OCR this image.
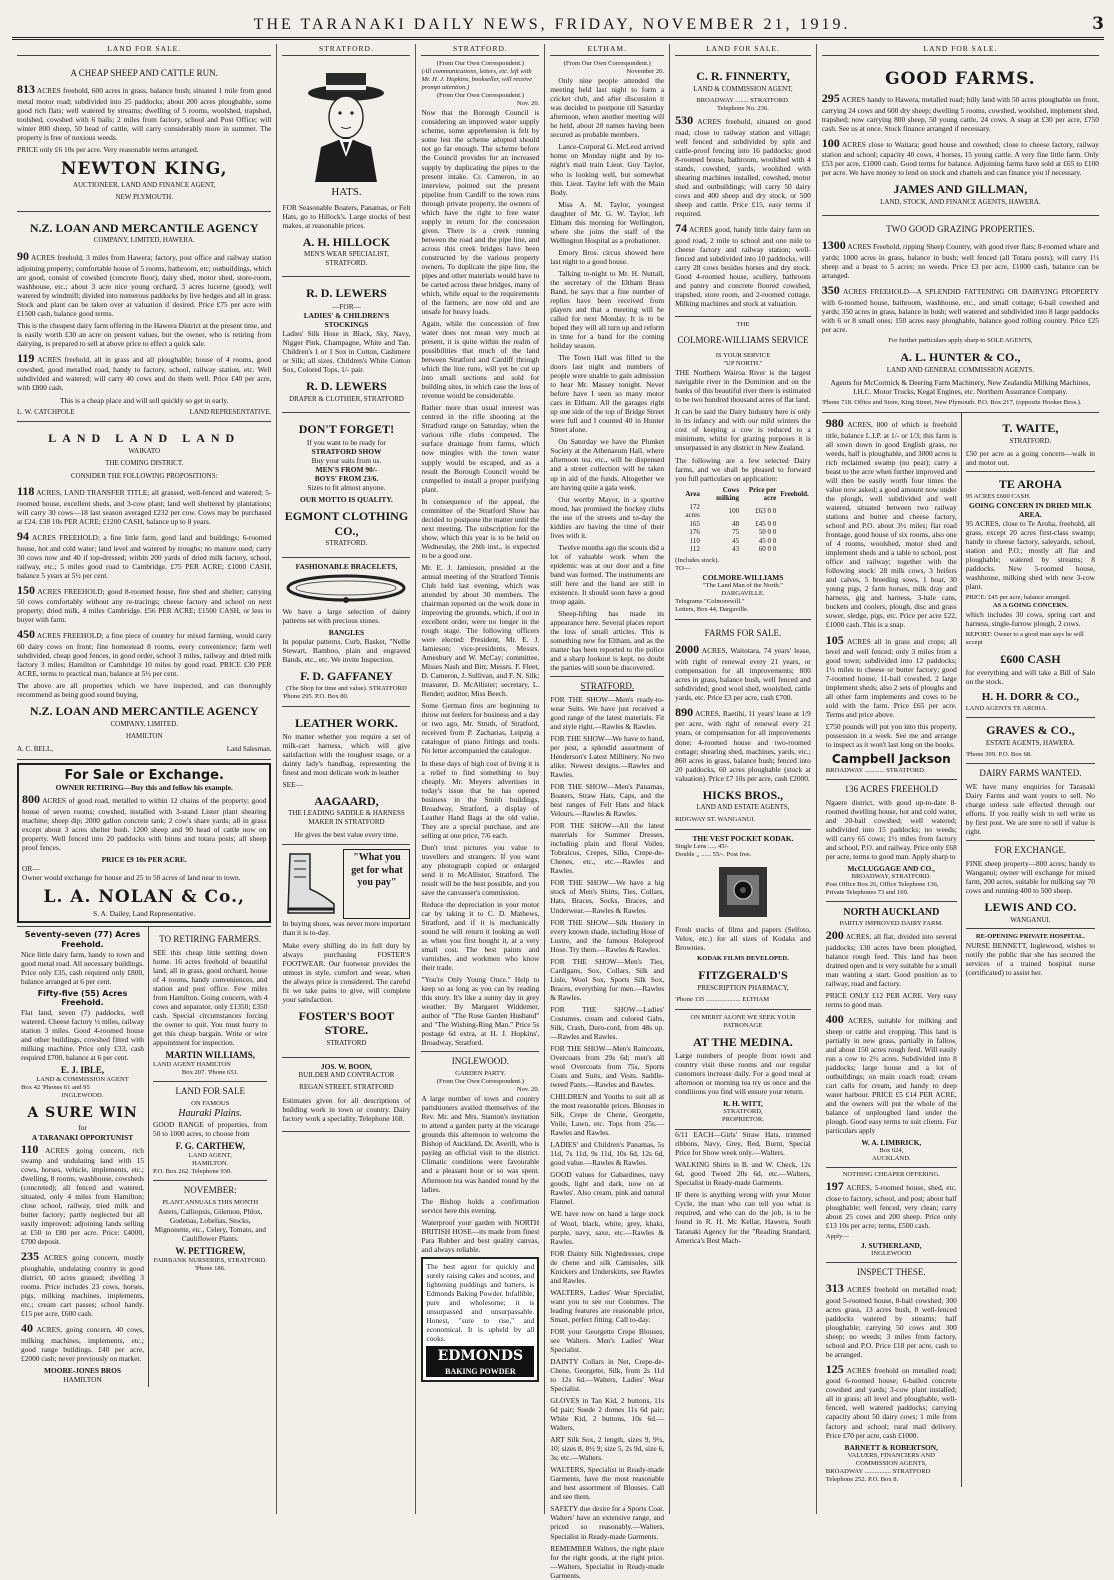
THE TARANAKI DAILY NEWS, FRIDAY, NOVEMBER 21, 1919.	3
LAND FOR SALE.
A CHEAP SHEEP AND CATTLE RUN.

813 ACRES freehold, 600 acres in grass, balance bush; situated 1 mile from good metal motor road; subdivided into 25 paddocks; about 200 acres ploughable, some good rich flats; well watered by streams; dwelling of 5 rooms, woolshed, trapshed, toolshed, cowshed with 6 bails; 2 miles from factory, school and Post Office; will winter 800 sheep, 50 head of cattle, will carry considerably more in summer. The property is free of noxious weeds.

PRICE only £6 10s per acre. Very reasonable terms arranged.

NEWTON KING,
AUCTIONEER, LAND AND FINANCE AGENT,
NEW PLYMOUTH.
N.Z. LOAN AND MERCANTILE AGENCY
COMPANY, LIMITED, HAWERA.

90 ACRES freehold, 3 miles from Hawera; factory, post office and railway station adjoining property; comfortable house of 5 rooms, bathroom, etc; outbuildings, which are good, consist of cowshed (concrete floor), dairy shed, motor shed, store-room, washhouse, etc.; about 3 acre nice young orchard, 3 acres lucerne (good); well watered by windmill; divided into numerous paddocks by live hedges and all in grass. Stock and plant can be taken over at valuation if desired. Price £75 per acre with £1500 cash, balance good terms.

This is the cheapest dairy farm offering in the Hawera District at the present time, and is easily worth £30 an acre on present values, but the owner, who is retiring from dairying, is prepared to sell at above price to effect a quick sale.

119 ACRES freehold, all in grass and all ploughable; house of 4 rooms, good cowshed, good metalled road, handy to factory, school, railway station, etc. Well subdivided and watered; will carry 40 cows and do them well. Price £40 per acre, with £800 cash.

This is a cheap place and will sell quickly so get in early.

L. W. CATCHPOLE	LAND REPRESENTATIVE.
LAND LAND LAND
WAIKATO
THE COMING DISTRICT.
CONSIDER THE FOLLOWING PROPOSITIONS:

118 ACRES, LAND TRANSFER TITLE; all grassed, well-fenced and watered; 5-roomed house, excellent sheds, and 3-cow plant; land well sheltered by plantations; will carry 30 cows—18 last season averaged £232 per cow. Cows may be purchased at £24. £38 10s PER ACRE; £1200 CASH, balance up to 8 years.

94 ACRES FREEHOLD; a fine little farm, good land and buildings; 6-roomed house, hot and cold water; land level and watered by troughs; no manure used; carry 30 cows now and 40 if top-dressed; within 200 yards of dried milk factory, school, railway, etc.; 5 miles good road to Cambridge. £75 PER ACRE; £1000 CASH, balance 5 years at 5½ per cent.

150 ACRES FREEHOLD; good 8-roomed house, fine shed and shelter; carrying 50 cows comfortably without any re-tracings; cheese factory and school on next property; dried milk, 4 miles Cambridge. £56 PER ACRE; £1500 CASH, or less to buyer with farm.

450 ACRES FREEHOLD; a fine piece of country for mixed farming, would carry 60 dairy cows on front; fine homestead 8 rooms, every convenience; farm well subdivided, cheap good fences, in good order, school 3 miles, railway and dried milk factory 3 miles; Hamilton or Cambridge 10 miles by good road. PRICE £30 PER ACRE, terms to practical man, balance at 5½ per cent.

The above are all properties which we have inspected, and can thoroughly recommend as being good sound buying.

N.Z. LOAN AND MERCANTILE AGENCY
COMPANY, LIMITED.
HAMILTON
A. C. BELL,	Land Salesman.
For Sale or Exchange.
OWNER RETIRING—Buy this and follow his example.

800 ACRES of good road, metalled to within 12 chains of the property; good house of seven rooms; cowshed, installed with 3-stand Lister plant shearing machine; sheep dip; 2000 gallon concrete tank; 2 cow's share yards; all in grass except about 3 acres shelter bush. 1200 sheep and 90 head of cattle now on property. Well fenced into 20 paddocks with binns and totara posts; all sheep proof fences.

PRICE £9 10s PER ACRE.
OR—

Owner would exchange for house and 25 to 50 acres of land near to town.

L. A. NOLAN & Co.,
S. A. Dailey, Land Representative.
Seventy-seven (77) Acres Freehold.

Nice little dairy farm, handy to town and good metal road. All necessary buildings. Price only £35, cash required only £800, balance arranged at 6 per cent.

Fifty-five (55) Acres Freehold.

Flat land, seven (7) paddocks, well watered. Cheese factory ½ miles, railway station 3 miles. Good 4-roomed house and other buildings, cowshed fitted with milking machine. Price only £33, cash required £700, balance at 6 per cent.

E. J. IBLE,
LAND & COMMISSION AGENT
Box 42 'Phones 61 and 95
INGLEWOOD.
A SURE WIN
for
A TARANAKI OPPORTUNIST

110 ACRES going concern, rich swamp and undulating land with 15 cows, horses, vehicle, implements, etc.; dwelling, 8 rooms, washhouse, cowsheds (concreted); all fenced and watered, situated, only 4 miles from Hamilton; close school, railway, tried milk and butter factory; partly neglected but all easily improved; adjoining lands selling at £50 to £80 per acre. Price: £4000, £700 deposit.

235 ACRES going concern, mostly ploughable, undulating country in good district, 60 acres grassed; dwelling 3 rooms. Price includes 23 cows, horses, pigs, milking machines, implements, etc.; cream cart passes; school handy. £15 per acre, £600 cash.

40 ACRES, going concern, 40 cows, milking machines, implements, etc.; good range buildings. £40 per acre, £2000 cash; never previously on market.

MOORE-JONES BROS
HAMILTON
TO RETIRING FARMERS.

SEE this cheap little settling down home. 16 acres freehold of beautiful land, all in grass, good orchard, house of 4 rooms, handy conveniences, and station and post office. Few miles from Hamilton. Going concern, with 4 cows and separator, only £1350; £350 cash. Special circumstances forcing the owner to quit. You must hurry to get this cheap bargain. Write or wire appointment for inspection.

MARTIN WILLIAMS,
LAND AGENT HAMILTON
Box 207. 'Phone 651.
LAND FOR SALE
ON FAMOUS
Hauraki Plains.

GOOD RANGE of properties, from 50 to 1000 acres, to choose from

F. G. CARTHEW,
LAND AGENT,
HAMILTON.
P.O. Box 262. Telephone 930.
NOVEMBER:
PLANT ANNUALS THIS MONTH

Asters, Calliopsis, Gilemon, Phlox, Godetias, Lobelias, Stocks, Mignonette, etc., Celery, Tomato, and Cauliflower Plants.

W. PETTIGREW,
FAIRBANK NURSERIES, STRATFORD.
'Phone 186.
STRATFORD.
HATS.

FOR Seasonable Boaters, Panamas, or Felt Hats, go to Hillock's. Large stocks of best makes, at reasonable prices.

A. H. HILLOCK
MEN'S WEAR SPECIALIST, STRATFORD.
R. D. LEWERS
—FOR—
LADIES' & CHILDREN'S STOCKINGS

Ladies' Silk Hose in Black, Sky, Navy, Nigger Pink, Champagne, White and Tan. Children's 1 or 1 Sox in Cotton, Cashmere or Silk; all sizes. Children's White Cotton Sox, Colored Tops, 1/- pair.

R. D. LEWERS
DRAPER & CLOTHIER, STRATFORD
DON'T FORGET!
If you want to be ready for
STRATFORD SHOW
Buy your suits from us.
MEN'S FROM 90/-
BOYS' FROM 23/6.
Sizes to fit almost anyone.
OUR MOTTO IS QUALITY.
EGMONT CLOTHING CO.,
STRATFORD.
FASHIONABLE BRACELETS,

We have a large selection of dainty patterns set with precious stones.

BANGLES

In popular patterns. Curb, Basket, "Nellie Stewart, Bamboo, plain and engraved Bands, etc., etc. We invite Inspection.

F. D. GAFFANEY
(The Shop for time and value). STRATFORD
'Phone 295. P.O. Box 80.
LEATHER WORK.

No matter whether you require a set of milk-cart harness, which will give satisfaction with the toughest usage, or a dainty lady's handbag, representing the finest and most delicate work in leather

SEE—
AAGAARD,
THE LEADING SADDLE & HARNESS MAKER IN STRATFORD
He gives the best value every time.
"What you get for what you pay"

In buying shoes, was never more important than it is to-day.

Make every shilling do its full duty by always purchasing FOSTER'S FOOTWEAR. Our footwear provides the utmost in style, comfort and wear, when the always price is considered. The careful fit we take pains to give, will complete your satisfaction.

FOSTER'S BOOT STORE.
STRATFORD
JOS. W. BOON,
BUILDER AND CONTRACTOR
REGAN STREET, STRATFORD

Estimates given for all descriptions of building work in town or country. Dairy factory work a speciality. Telephone 168.

STRATFORD.
(From Our Own Correspondent.)
(All communications, letters, etc. left with Mr. H. J. Hopkins, bookseller, will receive prompt attention.)
(From Our Own Correspondent.)
Nov. 20.

Now that the Borough Council is considering an improved water supply scheme, some apprehension is felt by some lest the scheme adopted should not go far enough. The scheme before the Council provides for an increased supply by duplicating the pipes to the present intake. Cr. Cameron, in an interview, pointed out the present pipeline from Cardiff to the town runs through private property, the owners of which have the right to free water supply in return for the concession given. There is a creek running between the road and the pipe line, and across this creek bridges have been constructed by the various property owners. To duplicate the pipe line, the pipes and other materials would have to be carted across these bridges, many of which, while equal to the requirements of the farmers, are now old and are unsafe for heavy loads.

Again, while the concession of free water does not mean very much at present, it is quite within the realm of possibilities that much of the land between Stratford and Cardiff through which the line runs, will yet be cut up into small sections and sold for building sites, in which case the loss of revenue would be considerable.

Rather more than usual interest was centred in the rifle shooting at the Stratford range on Saturday, when the various rifle clubs competed. The surface drainage from farms, which now mingles with the town water supply would be escaped, and as a result the Borough Council would be compelled to install a proper purifying plant.

In consequence of the appeal, the committee of the Stratford Show has decided to postpone the matter until the next meeting. The subscription for the show, which this year is to be held on Wednesday, the 26th inst., is expected to be a good one.

Mr. E. J. Jamieson, presided at the annual meeting of the Stratford Tennis Club held last evening, which was attended by about 30 members. The chairman reported on the work done in improving the grounds, which, if not in excellent order, were no longer in the rough stage. The following officers were elected: President, Mr. E. J. Jamieson; vice-presidents, Messrs. Amesbury and W. McCay; committee, Misses Nash and Birr, Messrs. F. Fleet, D. Cameron, J. Sullivan, and F. N. Silk; treasurer, D. McAllister; secretary, L. Render; auditor, Miss Beech.

Some German fires are beginning to throw out feelers for business and a day or two ago, Mr. Struth, of Stratford, received from P. Zacharias, Leipzig a catalogue of piano fittings and tools. No letter accompanied the catalogue.

In these days of high cost of living it is a relief to find something to buy cheaply. Mr. Meyers advertises in today's issue that he has opened business in the Smith buildings, Broadway, Stratford, a display of Leather Hand Bags at the old value. They are a special purchase, and are selling at one price, 7/6 each.

Don't trust pictures you value to travellers and strangers. If you want any photograph copied or enlarged send it to McAllister, Stratford. The result will be the best possible, and you save the canvasser's commission.

Reduce the depreciation in your motor car by taking it to C. D. Mathews, Stratford, and if it is mechanically sound he will return it looking as well as when you first bought it, at a very small cost. The best paints and varnishes, and workmen who know their trade.

"You're Only Young Once." Help to keep so as long as you can by reading this story. It's like a sunny day in grey weather. By Margaret Widdemer, author of "The Rose Garden Husband" and "The Wishing-Ring Man." Price 5s postage 6d extra, at H. J. Hopkins', Broadway, Stratford.

INGLEWOOD.
GARDEN PARTY.
(From Our Own Correspondent.)
Nov. 20.

A large number of town and country parishioners availed themselves of the Rev. Mr. and Mrs. Stanton's invitation to attend a garden party at the vicarage grounds this afternoon to welcome the Bishop of Auckland, Dr. Averill, who is paying an official visit to the district. Climatic conditions were favourable and a pleasant hour or so was spent. Afternoon tea was handed round by the ladies.

The Bishop holds a confirmation service here this evening.

Waterproof your garden with NORTH BRITISH HOSE—its made from finest Para Rubber and best quality canvas, and always reliable.

The best agent for quickly and surely raising cakes and scones, and lightening puddings and batters, is Edmonds Baking Powder. Infallible, pure and wholesome; it is unsurpassed and unsurpassable. Honest, "sure to rise," and economical. It is upheld by all cooks.

EDMONDS
BAKING POWDER
ELTHAM.
(From Our Own Correspondent.)
November 20.

Only nine people attended the meeting held last night to form a cricket club, and after discussion it was decided to postpone till Saturday afternoon, when another meeting will be held, about 20 names having been secured as probable members.

Lance-Corporal G. McLeod arrived home on Monday night and by to-night's mail train Lieut. Guy Taylor, who is looking well, but somewhat thin. Lieut. Taylor left with the Main Body.

Miss A. M. Taylor, youngest daughter of Mr. G. W. Taylor, left Eltham this morning for Wellington, where she joins the staff of the Wellington Hospital as a probationer.

Emory Bros. circus showed here last night to a good house.

Talking to-night to Mr. H. Nuttall, the secretary of the Eltham Brass Band, he says that a fine number of replies have been received from players and that a meeting will be called for next Monday. It is to be hoped they will all turn up and reform in time for a band for the coming holiday season.

The Town Hall was filled to the doors last night and numbers of people were unable to gain admission to hear Mr. Massey tonight. Never before have I seen so many motor cars in Eltham. All the garages right up one side of the top of Bridge Street were full and I counted 40 in Hunter Street alone.

On Saturday we have the Plunket Society at the Athenaeum Hall, where afternoon tea, etc., will be dispensed and a street collection will be taken up in aid of the funds. Altogether we are having quite a gala week.

Our worthy Mayor, in a sportive mood, has promised the hockey clubs the use of the streets and to-day the kiddies are having the time of their lives with it.

Twelve months ago the scouts did a lot of valuable work when the epidemic was at our door and a fine band was formed. The instruments are still here and the band are still in existence. It should soon have a good troop again.

Sheep-lifting has made its appearance here. Several places report the loss of small articles. This is something new for Eltham, and as the matter has been reported to the police and a sharp lookout is kept, no doubt the parties will soon be discovered.

STRATFORD.

FOR THE SHOW—Men's ready-to-wear Suits. We have just received a good range of the latest materials. Fit and style right.—Rawles & Rawles.

FOR THE SHOW—We have to hand, per post, a splendid assortment of Henderson's Latest Millinery. No two alike. Newest designs.—Rawles and Rawles.

FOR THE SHOW—Men's Panamas, Boaters, Straw Hats, Caps, and the best ranges of Felt Hats and black Velours.—Rawles & Rawles.

FOR THE SHOW—All the latest materials for Summer Dresses, including plain and floral Voiles, Tobralcos, Crepes, Silks, Crepe-de-Chenes, etc., etc.—Rawles and Rawles.

FOR THE SHOW—We have a big stock of Men's Shirts, Ties, Collars, Hats, Braces, Socks, Braces, and Underwear.—Rawles & Rawles.

FOR THE SHOW—Silk Hosiery in every known shade, including Hose of Lustre, and the famous Holeproof Hose. Try them.—Rawles & Rawles.

FOR THE SHOW—Men's Ties, Cardigans, Sox, Collars, Silk and Lisle, Wool Sox, Sports Silk Sox, Braces, everything for men.—Rawles & Rawles.

FOR THE SHOW—Ladies' Costumes, cream and colored Gabs, Silk, Crash, Duro-cord, from 48s up.—Rawles and Rawles.

FOR THE SHOW—Men's Raincoats, Overcoats from 29s 6d; men's all wool Overcoats from 75s, Sports Coats and Suits, and Vests. Saddle-tweed Pants.—Rawles and Rawles.

CHILDREN and Youths to suit all at the most reasonable prices. Blouses in Silk, Crepe de Chene, Georgette, Voile, Lawn, etc. Tops from 25s.—Rawles and Rawles.

LADIES' and Children's Panamas, 5s 11d, 7s 11d, 9s 11d, 10s 6d, 12s 6d, good value.—Rawles & Rawles.

GOOD values for Gabardines, navy goods, light and dark, now on at Rawles'. Also cream, pink and natural Flannel.

WE have now on hand a large stock of Wool, black, white, grey, khaki, purple, navy, saxe, etc.—Rawles & Rawles.

FOR Dainty Silk Nightdresses, crepe de chene and silk Camisoles, silk Knickers and Underskirts, see Rawles and Rawles.

WALTERS, Ladies' Wear Specialist, want you to see our Costumes. The leading features are reasonable price, Smart, perfect fitting. Call to-day.

FOR your Georgette Crepe Blouses, see Walters. Men's Ladies' Wear Specialist.

DAINTY Collars in Net, Crepe-de-Chene, Georgette, Silk, from 2s 11d to 12s 6d.—Walters, Ladies' Wear Specialist.

GLOVES in Tan Kid, 2 buttons, 11s 6d pair; Suede 2 domes 11s 6d pair; White Kid, 2 buttons, 10s 6d.—Walters.

ART Silk Sox, 2 length, sizes 9, 9½, 10; sizes 8, 8½ 9; size 5, 2s 9d, size 6, 3s; etc.—Walters.

WALTERS, Specialist in Ready-made Garments, have the most reasonable and best assortment of Blouses. Call and see them.

SAFETY due desire for a Sports Coat. Walters' have an extensive range, and priced so reasonably.—Walters, Specialist in Ready-made Garments.

REMEMBER Walters, the right place for the right goods, at the right price.—Walters, Specialist in Ready-made Garments.

LAND FOR SALE.
C. R. FINNERTY,
LAND & COMMISSION AGENT,
BROADWAY ........ STRATFORD.
Telephone No. 236.

530 ACRES freehold, situated on good road, close to railway station and village; well fenced and subdivided by split and cattle-proof fencing into 16 paddocks; good 8-roomed house, bathroom, woolshed with 4 stands, cowshed, yards, woolshed with shearing machines installed, cowshed, motor shed and outbuildings; will carry 50 dairy cows and 400 sheep and dry stock, or 500 sheep and cattle. Price £15, easy terms if required.

74 ACRES good, handy little dairy farm on good road, 2 mile to school and one mile to cheese factory and railway station; well-fenced and subdivided into 10 paddocks, will carry 28 cows besides horses and dry stock. Good 4-roomed house, scullery, bathroom and pantry and concrete floored cowshed, trapshed, store room, and 2-roomed cottage. Milking machines and stock at valuation.

THE
COLMORE-WILLIAMS SERVICE
IS YOUR SERVICE
"UP NORTH."

THE Northern Wairoa River is the largest navigable river in the Dominion and on the banks of this beautiful river there is estimated to be two hundred thousand acres of flat land.

It can be said the Dairy Industry here is only in its infancy and with our mild winters the cost of keeping a cow is reduced to a minimum, whilst for grazing purposes it is unsurpassed in any district in New Zealand.

The following are a few selected Dairy farms, and we shall be pleased to forward you full particulars on application:

Area	Cows milking	Price per acre	Freehold.
172 acres	100	£63 0 0	
165	48	£45 0 0	
176	75	50 0 0	
110	45	45 0 0	
112	43	60 0 0	
(Includes stock).
TO—
COLMORE-WILLIAMS
"The Land Man of the North."
DARGAVILLE.
Telegrams "Colmorewill."
Letters, Box 44, Dargaville.
FARMS FOR SALE.

2000 ACRES, Waitotara, 74 years' lease, with right of renewal every 21 years, or compensation for all improvements; 800 acres in grass, balance bush, well fenced and subdivided; good wool shed, woolshed, cattle yards, etc. Price £3 per acre, cash £700.

890 ACRES, Raetihi, 11 years' lease at 1/9 per acre, with right of renewal every 21 years, or compensation for all improvements done; 4-roomed house and two-roomed cottage; shearing shed, machines, yards, etc.; 860 acres in grass, balance bush; fenced into 20 paddocks, 60 acres ploughable (stock at valuation). Price £7 10s per acre, cash £2000.

HICKS BROS.,
LAND AND ESTATE AGENTS,
RIDGWAY ST. WANGANUI.
THE VEST POCKET KODAK.
Single Lens ..... 45/-
Double ,, ...... 55/-. Post free.

Fresh stocks of films and papers (Selfoto, Velox, etc.) for all sizes of Kodaks and Brownies.

KODAK FILMS DEVELOPED.
FITZGERALD'S
PRESCRIPTION PHARMACY,
'Phone 135 ..................... ELTHAM
ON MERIT ALONE WE SEEK YOUR PATRONAGE
AT THE MEDINA.

Large numbers of people from town and country visit these rooms and our regular customers increase daily. For a good meal at afternoon or morning tea try us once and the conditions you find will ensure your return.

R. H. WITT,
STRATFORD,
PROPRIETOR.

6/11 EACH—Girls' Straw Hats, trimmed ribbons, Navy, Grey, Red, Burnt, Special Price for Show week only.—Walters.

WALKING Shirts in B. and W. Check, 12s 6d, good Tweed 20s 6d, etc.—Walters, Specialist in Ready-made Garments.

IF there is anything wrong with your Motor Cycle, the man who can tell you what is required, and who can do the job, is to be found in R. H. Mc Kellar, Hawera, South Taranaki Agency for the "Reading Standard, America's Best Mach-

LAND FOR SALE.
GOOD FARMS.

295 ACRES handy to Hawera, metalled road; hilly land with 50 acres ploughable on front, carrying 24 cows and 600 dry sheep; dwelling 5 rooms, cowshed, woolshed, implement shed, trapshed; now carrying 800 sheep, 50 young cattle, 24 cows. A snap at £30 per acre, £750 cash. See us at once. Stock finance arranged if necessary.

100 ACRES close to Waitara; good house and cowshed; close to cheese factory, railway station and school; capacity 40 cows, 4 horses, 15 young cattle. A very fine little farm. Only £53 per acre, £1000 cash. Good terms for balance. Adjoining farms have sold at £65 to £100 per acre. We have money to lend on stock and chattels and can finance you if necessary.

JAMES AND GILLMAN,
LAND, STOCK, AND FINANCE AGENTS, HAWERA.
TWO GOOD GRAZING PROPERTIES.

1300 ACRES Freehold, ripping Sheep Country, with good river flats; 8-roomed whare and yards; 1000 acres in grass, balance in bush; well fenced (all Totara posts); will carry 1½ sheep and a beast to 5 acres; no weeds. Price £3 per acre, £1000 cash, balance can be arranged.

350 ACRES FREEHOLD—A SPLENDID FATTENING OR DAIRYING PROPERTY with 6-roomed house, bathroom, washhouse, etc., and small cottage; 6-bail cowshed and yards; 350 acres in grass, balance in bush; well watered and subdivided into 8 large paddocks with 6 or 8 small ones; 150 acres easy ploughable, balance good rolling country. Price £25 per acre.

For further particulars apply sharp to SOLE AGENTS,
A. L. HUNTER & CO.,
LAND AND GENERAL COMMISSION AGENTS.

Agents for McCormick & Deering Farm Machinery, New Zealandia Milking Machines, I.H.C. Motor Trucks, Kegal Engines, etc. Northern Assurance Company.

'Phone 718. Office and Store, King Street, New Plymouth. P.O. Box 217, (opposite Hooker Bros.).

980 ACRES, 800 of which is freehold title, balance L.I.P. at 1/- or 1/3; this farm is all sown down in good English grass, no weeds, half is ploughable, and 3000 acres is rich reclaimed swamp (no peat); carry a beast to the acre when further improved and will then be easily worth four times the value now asked; a good amount now under the plough, well subdivided and well watered, situated between two railway stations and butter and cheese factory, school and P.O. about 3½ miles; flat road frontage, good house of six rooms, also one of 4 rooms, woolshed, motor shed and implement sheds and a table to school, post office and railway; together with the following stock: 28 milk cows, 3 heifers and calves, 5 breeding sows, 1 boar, 30 young pigs, 2 farm horses, milk dray and harness, gig and harness, 3-bale cans, buckets and coolers, plough, disc and grass sower, sledge, pigs, etc. Price per acre £22, £1000 cash. This is a snap.

105 ACRES all in grass and crops; all level and well fenced; only 3 miles from a good town; subdivided into 12 paddocks; 1½ miles to cheese or butter factory; good 7-roomed house, 11-bail cowshed, 2 large implement sheds; also 2 sets of ploughs and all other farm implements and cows to be sold with the farm. Price £65 per acre. Terms and price above.

£750 pounds will put you into this property, possession in a week. See me and arrange to inspect as it won't last long on the books.

Campbell Jackson
BROADWAY ............ STRATFORD.
136 ACRES FREEHOLD

Ngaere district, with good up-to-date 8-roomed dwelling house, hot and cold water, and 20-bail cowshed; well watered; subdivided into 15 paddocks; no weeds; will carry 65 cows; 1½ miles from factory and school, P.O. and railway. Price only £68 per acre, terms to good man. Apply sharp to

McCLUGGAGE AND CO.,
BROADWAY, STRATFORD.
Post Office Box 26, Office Telephone 136, Private Telephones 73 and 169.
NORTH AUCKLAND
PARTLY IMPROVED DAIRY FARM.

200 ACRES, all flat, divided into several paddocks; 130 acres have been ploughed, balance rough feed. This land has been drained open and is very suitable for a small man wanting a start. Good position as to railway, road and factory.

PRICE ONLY £12 PER ACRE. Very easy terms to good man.

400 ACRES, suitable for milking and sheep or cattle and cropping. This land is partially in new grass, partially in fallow, and about 150 acres rough feed. Will easily run a cow to 2½ acres. Subdivided into 8 paddocks; large house and a lot of outbuildings; on main coach road; cream cart calls for cream, and handy to deep water harbour. PRICE £5 £14 PER ACRE, and the owners will put the whole of the balance of unploughed land under the plough. Good easy terms to suit clients. For particulars apply

W. A. LIMBRICK,
Box 624,
AUCKLAND.
NOTHING CHEAPER OFFERING.

197 ACRES, 5-roomed house, shed, etc. close to factory, school, and post; about half ploughable; well fenced, very clean; carry about 25 cows and 200 sheep. Price only £13 10s per acre; terms, £500 cash.

Apply—
J. SUTHERLAND,
INGLEWOOD
INSPECT THESE.

313 ACRES freehold on metalled road; good 5-roomed house, 8-bail cowshed; 300 acres grass, 13 acres bush, 8 well-fenced paddocks watered by streams; half ploughable; carrying 50 cows and 300 sheep; no weeds; 3 miles from factory, school and P.O. Price £18 per acre, cash to be arranged.

125 ACRES freehold on metalled road; good 6-roomed house; 6-bailed concrete cowshed and yards; 3-cow plant installed; all in grass; all level and ploughable, well-fenced, well watered paddocks; carrying capacity about 50 dairy cows; 1 mile from factory and school; rural mail delivery. Price £70 per acre, cash £1000.

BARNETT & ROBERTSON,
VALUERS, FINANCIERS AND COMMISSION AGENTS,
BROADWAY ................ STRATFORD
Telephone 252. P.O. Box 8.
T. WAITE,
STRATFORD.

£50 per acre as a going concern—walk in and motor out.

TE AROHA
95 ACRES £600 CASH.
GOING CONCERN IN DRIED MILK AREA.

95 ACRES, close to Te Aroha, freehold, all grass, except 20 acres first-class swamp; handy to cheese factory, saleyards, school, station and P.O.; mostly all flat and ploughable; watered by streams; 8 paddocks. New 5-roomed house, washhouse, milking shed with new 3-cow plant.

PRICE: £45 per acre, balance arranged.
AS A GOING CONCERN.

which includes 30 cows, spring cart and harness, single-furrow plough, 2 cows.

REPORT: Owner to a good man says he will accept
£600 CASH

for everything and will take a Bill of Sale on the stock.

H. H. DORR & CO.,
LAND AGENTS TE AROHA.
GRAVES & CO.,
ESTATE AGENTS, HAWERA.
'Phone 399. P.O. Box 68.
DAIRY FARMS WANTED.

WE have many enquiries for Taranaki Dairy Farms and want yours to sell. No charge unless sale effected through our efforts. If you really wish to sell write us by first post. We are sure to sell if value is right.

FOR EXCHANGE.

FINE sheep property—800 acres; handy to Wanganui; owner will exchange for mixed farm, 200 acres, suitable for milking say 70 cows and running 400 to 500 sheep.

LEWIS AND CO.
WANGANUI.
RE-OPENING PRIVATE HOSPITAL.

NURSE BENNETT, Inglewood, wishes to notify the public that she has secured the services of a trained hospital nurse (certificated) to assist her.
